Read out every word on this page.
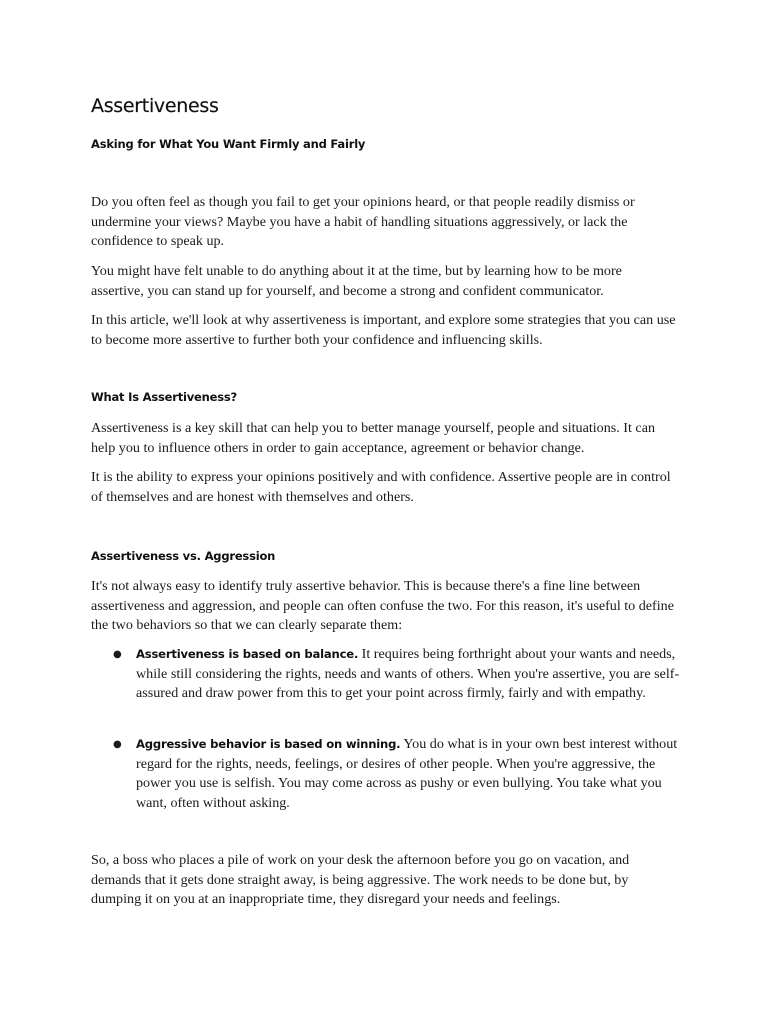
Assertiveness
Asking for What You Want Firmly and Fairly

Do you often feel as though you fail to get your opinions heard, or that people readily dismiss or undermine your views? Maybe you have a habit of handling situations aggressively, or lack the confidence to speak up.

You might have felt unable to do anything about it at the time, but by learning how to be more assertive, you can stand up for yourself, and become a strong and confident communicator.

In this article, we'll look at why assertiveness is important, and explore some strategies that you can use to become more assertive to further both your confidence and influencing skills.

What Is Assertiveness?

Assertiveness is a key skill that can help you to better manage yourself, people and situations. It can help you to influence others in order to gain acceptance, agreement or behavior change.

It is the ability to express your opinions positively and with confidence. Assertive people are in control of themselves and are honest with themselves and others.

Assertiveness vs. Aggression

It's not always easy to identify truly assertive behavior. This is because there's a fine line between assertiveness and aggression, and people can often confuse the two. For this reason, it's useful to define the two behaviors so that we can clearly separate them:

● Assertiveness is based on balance. It requires being forthright about your wants and needs, while still considering the rights, needs and wants of others. When you're assertive, you are self-assured and draw power from this to get your point across firmly, fairly and with empathy.

● Aggressive behavior is based on winning. You do what is in your own best interest without regard for the rights, needs, feelings, or desires of other people. When you're aggressive, the power you use is selfish. You may come across as pushy or even bullying. You take what you want, often without asking.

So, a boss who places a pile of work on your desk the afternoon before you go on vacation, and demands that it gets done straight away, is being aggressive. The work needs to be done but, by dumping it on you at an inappropriate time, they disregard your needs and feelings.
